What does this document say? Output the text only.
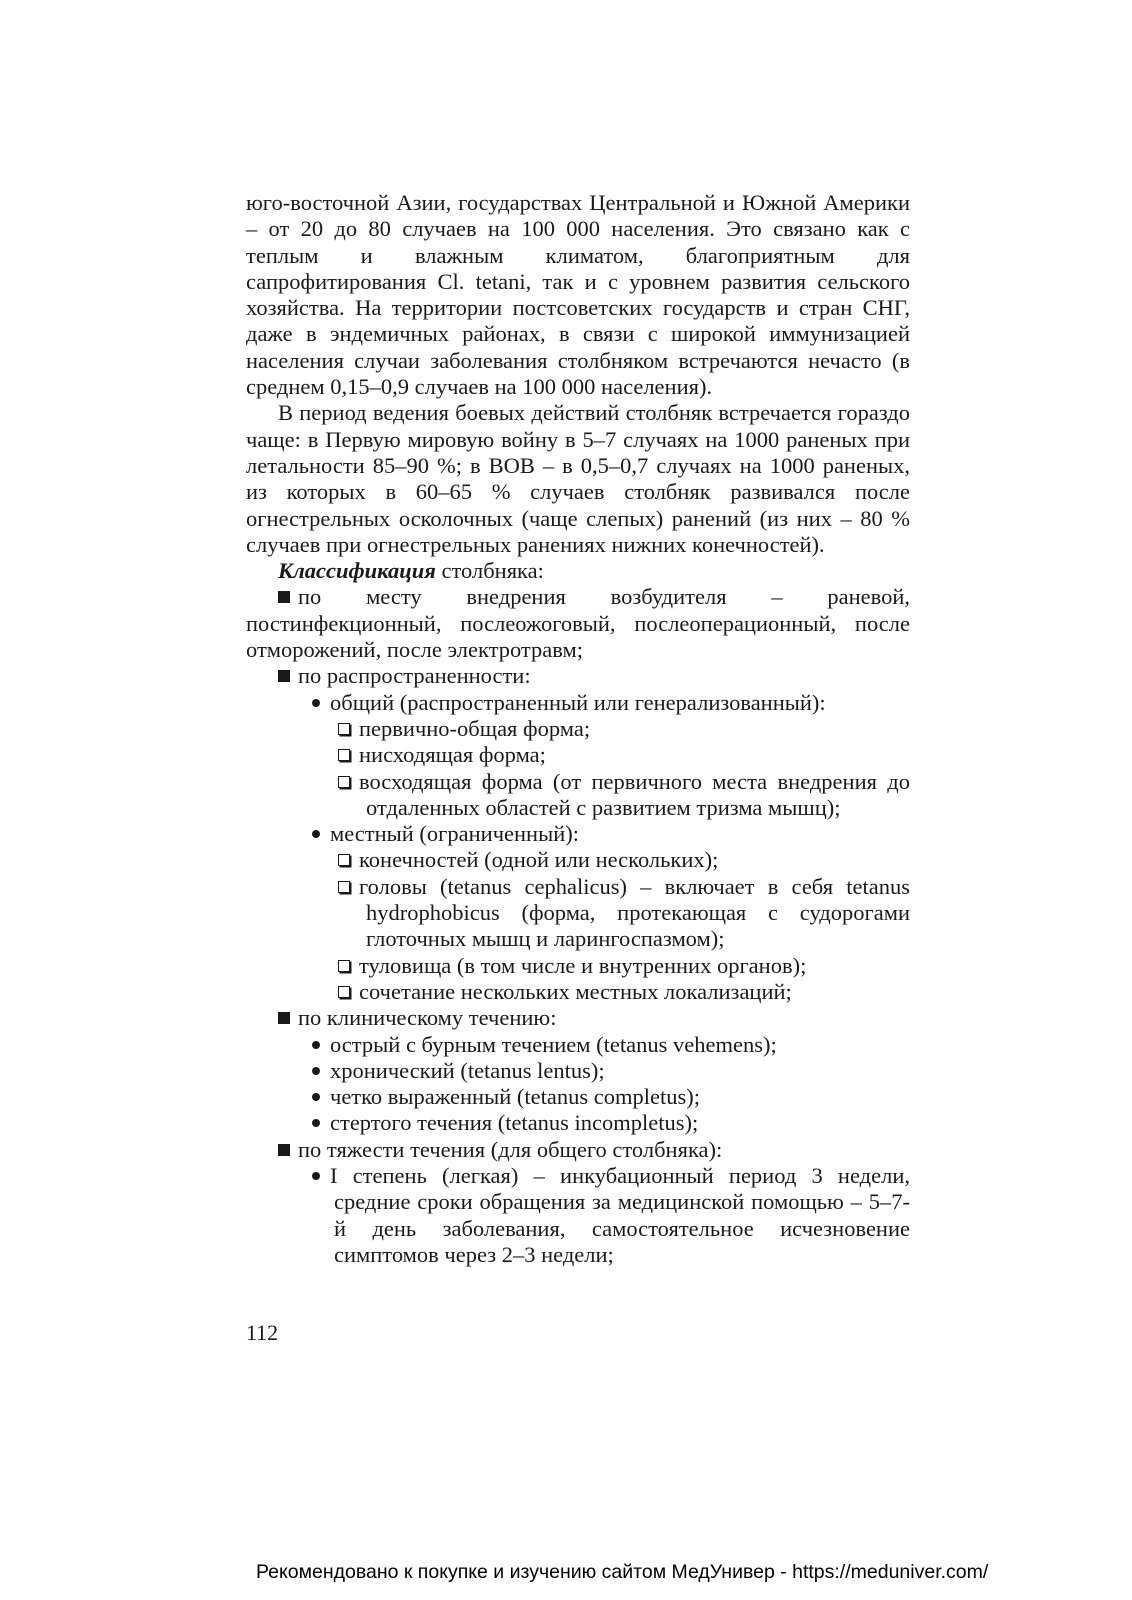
юго-восточной Азии, государствах Центральной и Южной Америки – от 20 до 80 случаев на 100 000 населения. Это связано как с теплым и влажным климатом, благоприятным для сапрофитирования Cl. tetani, так и с уровнем развития сельского хозяйства. На территории постсоветских государств и стран СНГ, даже в эндемичных районах, в связи с широкой иммунизацией населения случаи заболевания столбняком встречаются нечасто (в среднем 0,15–0,9 случаев на 100 000 населения).

В период ведения боевых действий столбняк встречается гораздо чаще: в Первую мировую войну в 5–7 случаях на 1000 раненых при летальности 85–90 %; в ВОВ – в 0,5–0,7 случаях на 1000 раненых, из которых в 60–65 % случаев столбняк развивался после огнестрельных осколочных (чаще слепых) ранений (из них – 80 % случаев при огнестрельных ранениях нижних конечностей).

Классификация столбняка:

по месту внедрения возбудителя – раневой, постинфекционный, послеожоговый, послеоперационный, после отморожений, после электротравм;

по распространенности:

общий (распространенный или генерализованный):

первично-общая форма;

нисходящая форма;

восходящая форма (от первичного места внедрения до отдаленных областей с развитием тризма мышц);

местный (ограниченный):

конечностей (одной или нескольких);

головы (tetanus cephalicus) – включает в себя tetanus hydrophobicus (форма, протекающая с судорогами глоточных мышц и ларингоспазмом);

туловища (в том числе и внутренних органов);

сочетание нескольких местных локализаций;

по клиническому течению:

острый с бурным течением (tetanus vehemens);

хронический (tetanus lentus);

четко выраженный (tetanus completus);

стертого течения (tetanus incompletus);

по тяжести течения (для общего столбняка):

I степень (легкая) – инкубационный период 3 недели, средние сроки обращения за медицинской помощью – 5–7-й день заболевания, самостоятельное исчезновение симптомов через 2–3 недели;

112
Рекомендовано к покупке и изучению сайтом МедУнивер - https://meduniver.com/
